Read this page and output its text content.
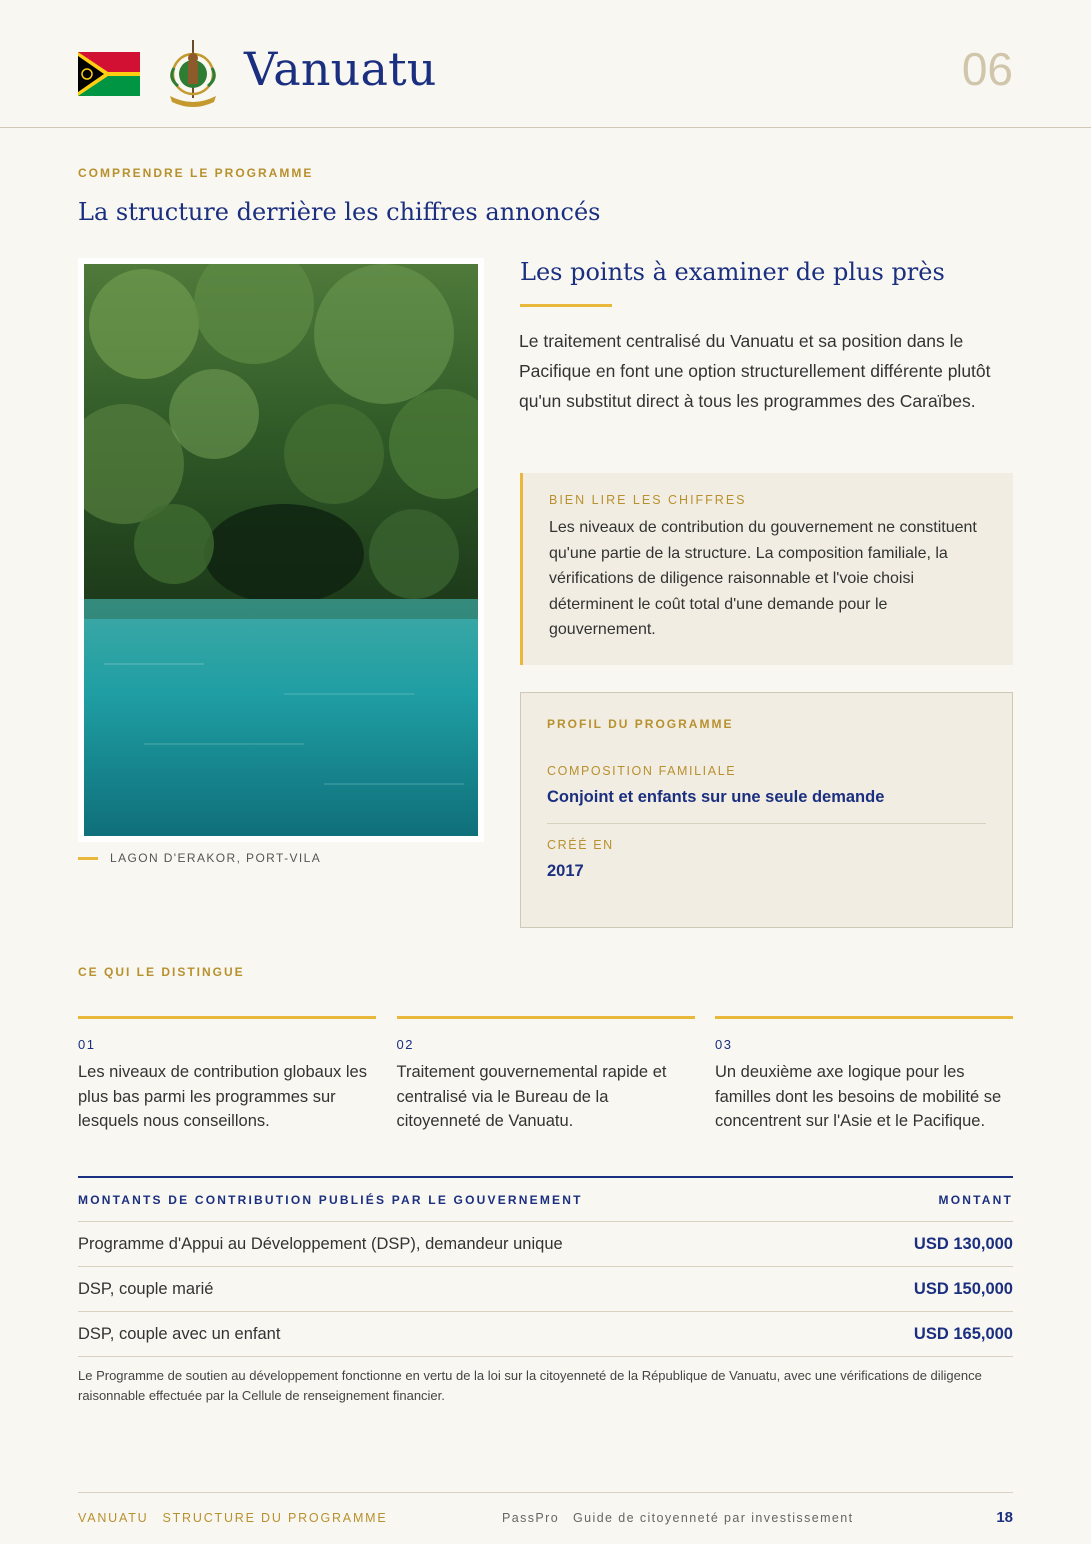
Vanuatu	06
COMPRENDRE LE PROGRAMME
La structure derrière les chiffres annoncés
LAGON D'ERAKOR, PORT-VILA
Les points à examiner de plus près
Le traitement centralisé du Vanuatu et sa position dans le Pacifique en font une option structurellement différente plutôt qu'un substitut direct à tous les programmes des Caraïbes.
BIEN LIRE LES CHIFFRES
Les niveaux de contribution du gouvernement ne constituent qu'une partie de la structure. La composition familiale, la vérifications de diligence raisonnable et l'voie choisi déterminent le coût total d'une demande pour le gouvernement.
PROFIL DU PROGRAMME
COMPOSITION FAMILIALE
Conjoint et enfants sur une seule demande
CRÉÉ EN
2017
CE QUI LE DISTINGUE
01
Les niveaux de contribution globaux les plus bas parmi les programmes sur lesquels nous conseillons.
02
Traitement gouvernemental rapide et centralisé via le Bureau de la citoyenneté de Vanuatu.
03
Un deuxième axe logique pour les familles dont les besoins de mobilité se concentrent sur l'Asie et le Pacifique.
MONTANTS DE CONTRIBUTION PUBLIÉS PAR LE GOUVERNEMENT	MONTANT
Programme d'Appui au Développement (DSP), demandeur unique	USD 130,000
DSP, couple marié	USD 150,000
DSP, couple avec un enfant	USD 165,000
Le Programme de soutien au développement fonctionne en vertu de la loi sur la citoyenneté de la République de Vanuatu, avec une vérifications de diligence raisonnable effectuée par la Cellule de renseignement financier.
VANUATU STRUCTURE DU PROGRAMME	PassPro Guide de citoyenneté par investissement	18
